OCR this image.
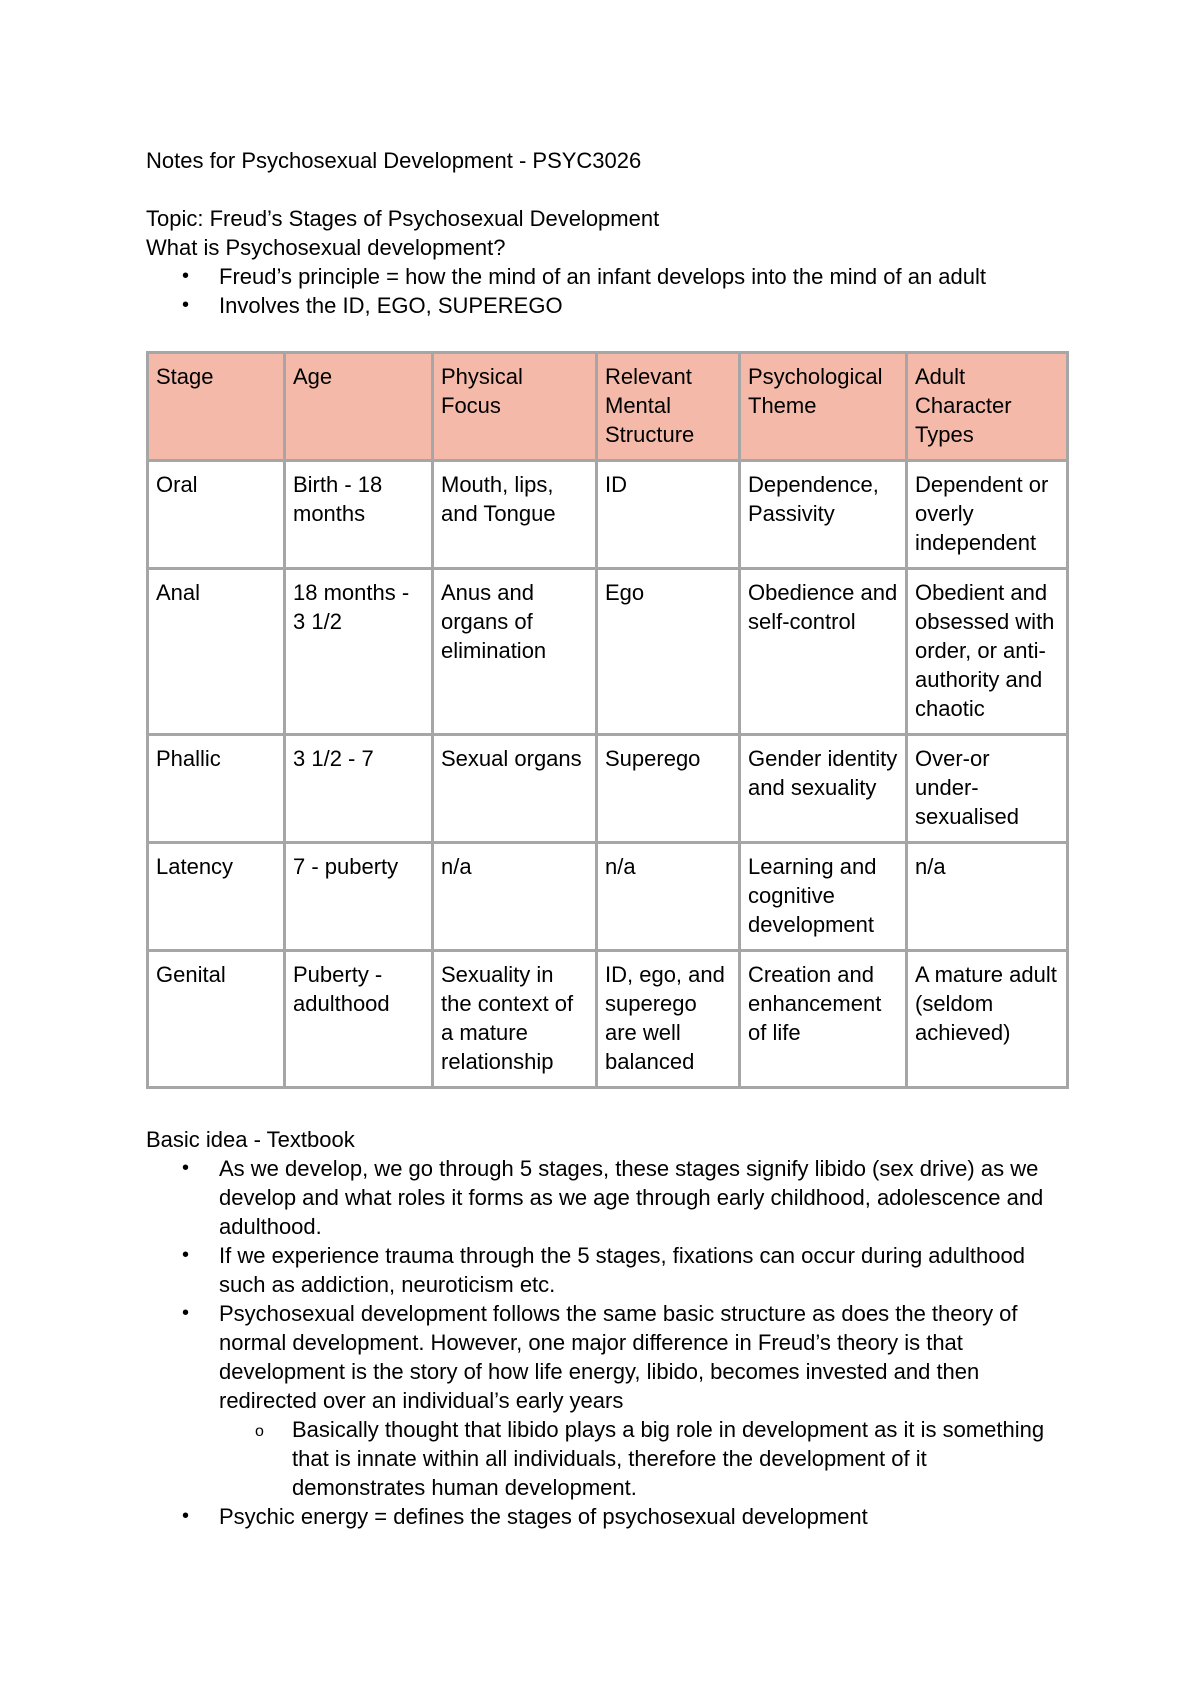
Notes for Psychosexual Development - PSYC3026
Topic: Freud’s Stages of Psychosexual Development
What is Psychosexual development?
• Freud’s principle = how the mind of an infant develops into the mind of an adult
• Involves the ID, EGO, SUPEREGO
Stage	Age	Physical Focus	Relevant Mental Structure	Psychological Theme	Adult Character Types
Oral	Birth - 18 months	Mouth, lips, and Tongue	ID	Dependence, Passivity	Dependent or overly independent
Anal	18 months - 3 1/2	Anus and organs of elimination	Ego	Obedience and self-control	Obedient and obsessed with order, or anti-authority and chaotic
Phallic	3 1/2 - 7	Sexual organs	Superego	Gender identity and sexuality	Over-or under-sexualised
Latency	7 - puberty	n/a	n/a	Learning and cognitive development	n/a
Genital	Puberty - adulthood	Sexuality in the context of a mature relationship	ID, ego, and superego are well balanced	Creation and enhancement of life	A mature adult (seldom achieved)
Basic idea - Textbook
• As we develop, we go through 5 stages, these stages signify libido (sex drive) as we develop and what roles it forms as we age through early childhood, adolescence and adulthood.
• If we experience trauma through the 5 stages, fixations can occur during adulthood such as addiction, neuroticism etc.
• Psychosexual development follows the same basic structure as does the theory of normal development. However, one major difference in Freud’s theory is that development is the story of how life energy, libido, becomes invested and then redirected over an individual’s early years
o Basically thought that libido plays a big role in development as it is something that is innate within all individuals, therefore the development of it demonstrates human development.
• Psychic energy = defines the stages of psychosexual development
